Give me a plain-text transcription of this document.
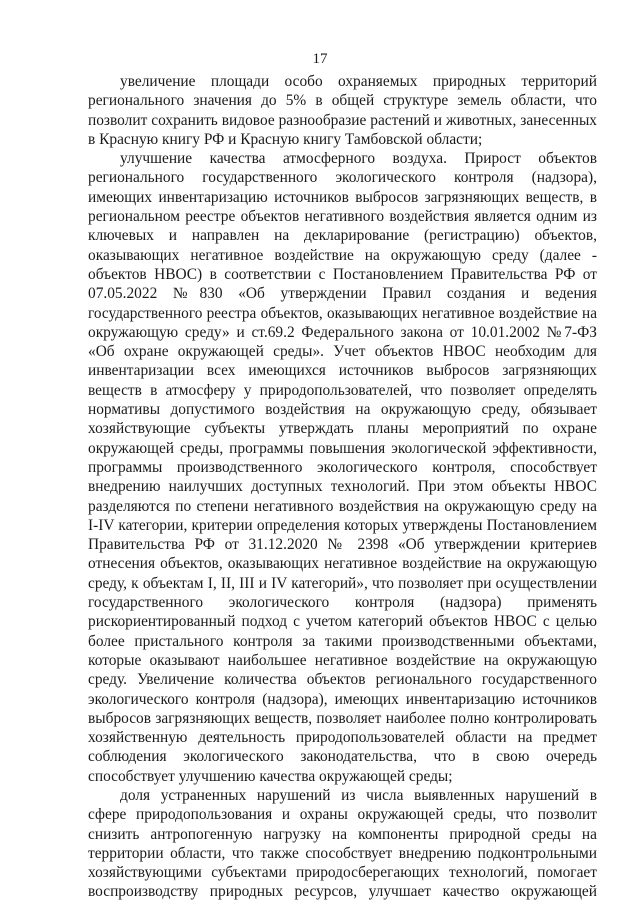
17
увеличение площади особо охраняемых природных территорий
регионального значения до 5% в общей структуре земель области, что
позволит сохранить видовое разнообразие растений и животных, занесенных
в Красную книгу РФ и Красную книгу Тамбовской области;
улучшение качества атмосферного воздуха. Прирост объектов
регионального государственного экологического контроля (надзора),
имеющих инвентаризацию источников выбросов загрязняющих веществ, в
региональном реестре объектов негативного воздействия является одним из
ключевых и направлен на декларирование (регистрацию) объектов,
оказывающих негативное воздействие на окружающую среду (далее -
объектов НВОС) в соответствии с Постановлением Правительства РФ от
07.05.2022 №830 «Об утверждении Правил создания и ведения
государственного реестра объектов, оказывающих негативное воздействие на
окружающую среду» и ст.69.2 Федерального закона от 10.01.2002 №7-ФЗ
«Об охране окружающей среды». Учет объектов НВОС необходим для
инвентаризации всех имеющихся источников выбросов загрязняющих
веществ в атмосферу у природопользователей, что позволяет определять
нормативы допустимого воздействия на окружающую среду, обязывает
хозяйствующие субъекты утверждать планы мероприятий по охране
окружающей среды, программы повышения экологической эффективности,
программы производственного экологического контроля, способствует
внедрению наилучших доступных технологий. При этом объекты НВОС
разделяются по степени негативного воздействия на окружающую среду на
I-IV категории, критерии определения которых утверждены Постановлением
Правительства РФ от 31.12.2020 № 2398 «Об утверждении критериев
отнесения объектов, оказывающих негативное воздействие на окружающую
среду, к объектам I, II, III и IV категорий», что позволяет при осуществлении
государственного экологического контроля (надзора) применять
рискориентированный подход с учетом категорий объектов НВОС с целью
более пристального контроля за такими производственными объектами,
которые оказывают наибольшее негативное воздействие на окружающую
среду. Увеличение количества объектов регионального государственного
экологического контроля (надзора), имеющих инвентаризацию источников
выбросов загрязняющих веществ, позволяет наиболее полно контролировать
хозяйственную деятельность природопользователей области на предмет
соблюдения экологического законодательства, что в свою очередь
способствует улучшению качества окружающей среды;
доля устраненных нарушений из числа выявленных нарушений в
сфере природопользования и охраны окружающей среды, что позволит
снизить антропогенную нагрузку на компоненты природной среды на
территории области, что также способствует внедрению подконтрольными
хозяйствующими субъектами природосберегающих технологий, помогает
воспроизводству природных ресурсов, улучшает качество окружающей
